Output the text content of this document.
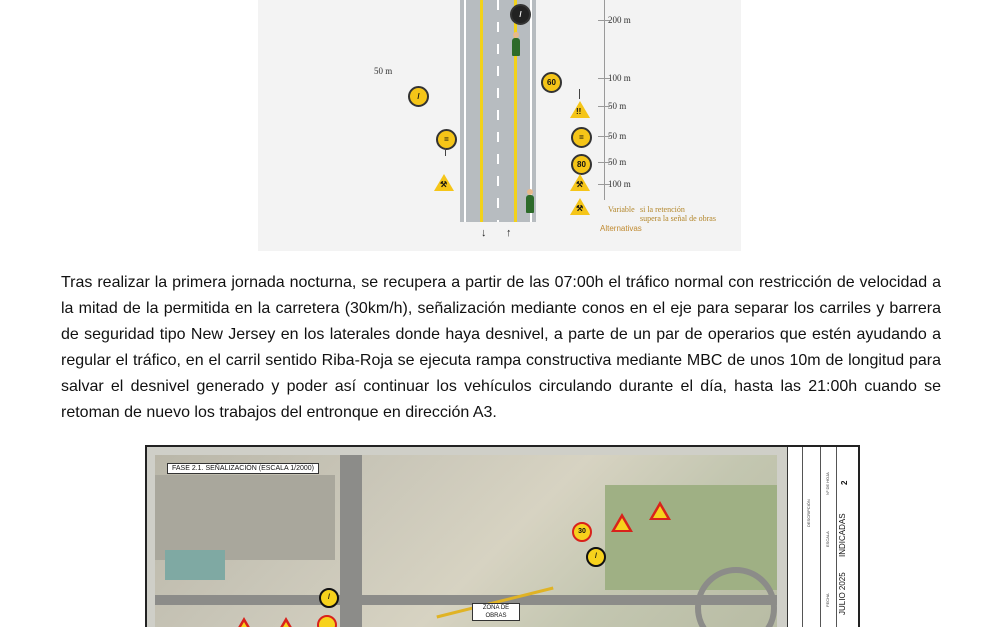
/
/
60
=	=
80
!!
⚒	⚒
⚒
50 m
200 m
100 m
50 m
50 m
50 m
100 m
Variable si la retención
supera la señal de obras
Alternativas
↓ ↑
Tras realizar la primera jornada nocturna, se recupera a partir de las 07:00h el tráfico normal con restricción de velocidad a la mitad de la permitida en la carretera (30km/h), señalización mediante conos en el eje para separar los carriles y barrera de seguridad tipo New Jersey en los laterales donde haya desnivel, a parte de un par de operarios que estén ayudando a regular el tráfico, en el carril sentido Riba-Roja se ejecuta rampa constructiva mediante MBC de unos 10m de longitud para salvar el desnivel generado y poder así continuar los vehículos circulando durante el día, hasta las 21:00h cuando se retoman de nuevo los trabajos del entronque en dirección A3.
FASE 2.1. SEÑALIZACIÓN (ESCALA 1/2000)
ZONA DE
OBRAS
30
/
/
2
Nº DE HOJA
INDICADAS
ESCALA
DESCRIPCIÓN
JULIO 2025
FECHA
